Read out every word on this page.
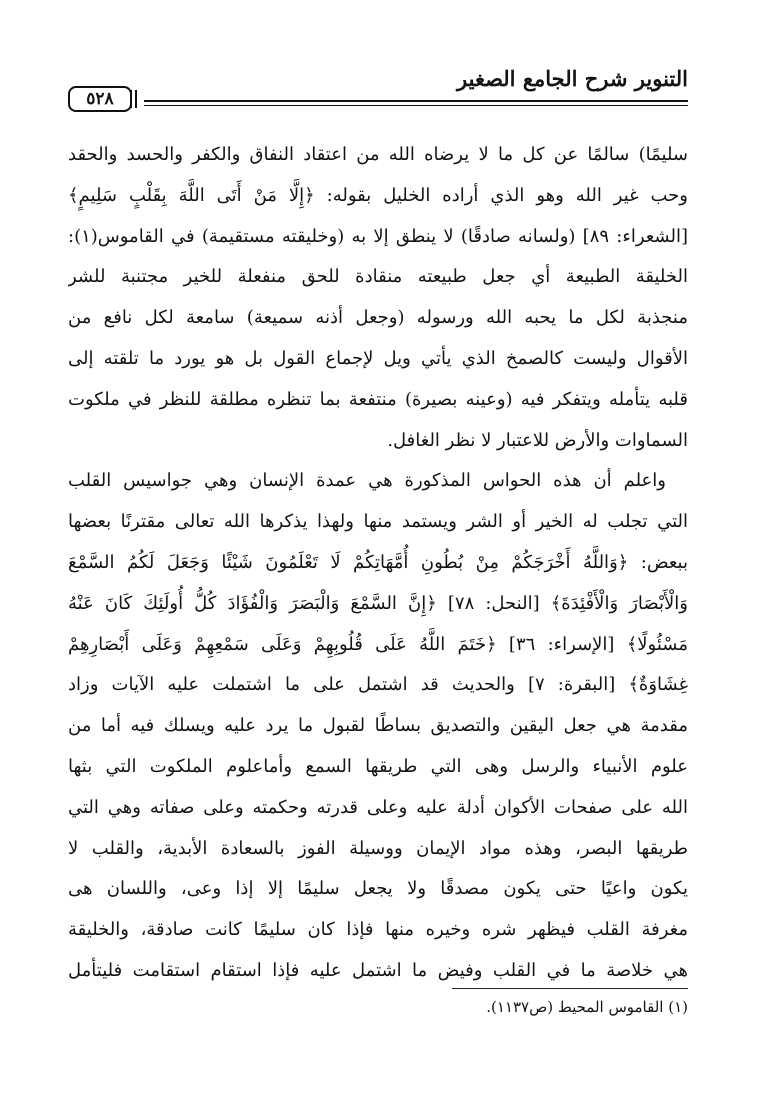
٥٢٨
التنوير شرح الجامع الصغير
سليمًا) سالمًا عن كل ما لا يرضاه الله من اعتقاد النفاق والكفر والحسد والحقد
وحب غير الله وهو الذي أراده الخليل بقوله: ﴿إِلَّا مَنْ أَتَى اللَّهَ بِقَلْبٍ سَلِيمٍ﴾
[الشعراء: ٨٩] (ولسانه صادقًا) لا ينطق إلا به (وخليقته مستقيمة) في القاموس(١):
الخليقة الطبيعة أي جعل طبيعته منقادة للحق منفعلة للخير مجتنبة للشر
منجذبة لكل ما يحبه الله ورسوله (وجعل أذنه سميعة) سامعة لكل نافع من
الأقوال وليست كالصمخ الذي يأتي ويل لإجماع القول بل هو يورد ما تلقته إلى
قلبه يتأمله ويتفكر فيه (وعينه بصيرة) منتفعة بما تنظره مطلقة للنظر في ملكوت
السماوات والأرض للاعتبار لا نظر الغافل.
واعلم أن هذه الحواس المذكورة هي عمدة الإنسان وهي جواسيس القلب
التي تجلب له الخير أو الشر ويستمد منها ولهذا يذكرها الله تعالى مقترنًا بعضها
ببعض: ﴿وَاللَّهُ أَخْرَجَكُمْ مِنْ بُطُونِ أُمَّهَاتِكُمْ لَا تَعْلَمُونَ شَيْئًا وَجَعَلَ لَكُمُ السَّمْعَ
وَالْأَبْصَارَ وَالْأَفْئِدَةَ﴾ [النحل: ٧٨] ﴿إِنَّ السَّمْعَ وَالْبَصَرَ وَالْفُؤَادَ كُلُّ أُولَئِكَ كَانَ عَنْهُ
مَسْئُولًا﴾ [الإسراء: ٣٦] ﴿خَتَمَ اللَّهُ عَلَى قُلُوبِهِمْ وَعَلَى سَمْعِهِمْ وَعَلَى أَبْصَارِهِمْ
غِشَاوَةٌ﴾ [البقرة: ٧] والحديث قد اشتمل على ما اشتملت عليه الآيات وزاد
مقدمة هي جعل اليقين والتصديق بساطًا لقبول ما يرد عليه ويسلك فيه أما من
علوم الأنبياء والرسل وهى التي طريقها السمع وأماعلوم الملكوت التي بثها
الله على صفحات الأكوان أدلة عليه وعلى قدرته وحكمته وعلى صفاته وهي التي
طريقها البصر، وهذه مواد الإيمان ووسيلة الفوز بالسعادة الأبدية، والقلب لا
يكون واعيًا حتى يكون مصدقًا ولا يجعل سليمًا إلا إذا وعى، واللسان هى
مغرفة القلب فيظهر شره وخيره منها فإذا كان سليمًا كانت صادقة، والخليقة
هي خلاصة ما في القلب وفيض ما اشتمل عليه فإذا استقام استقامت فليتأمل
(١) القاموس المحيط (ص١١٣٧).
